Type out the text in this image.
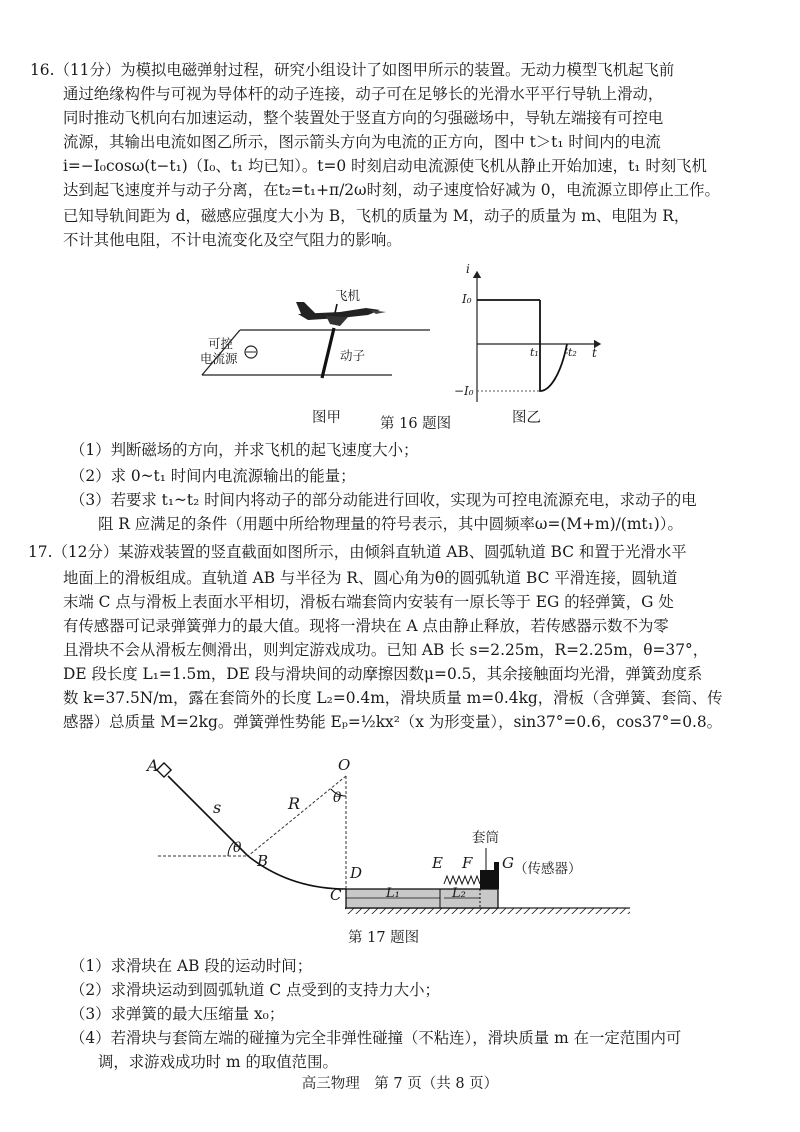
16.（11分）为模拟电磁弹射过程，研究小组设计了如图甲所示的装置。无动力模型飞机起飞前
通过绝缘构件与可视为导体杆的动子连接，动子可在足够长的光滑水平平行导轨上滑动，
同时推动飞机向右加速运动，整个装置处于竖直方向的匀强磁场中，导轨左端接有可控电
流源，其输出电流如图乙所示，图示箭头方向为电流的正方向，图中 t＞t₁ 时间内的电流
i=−I₀cosω(t−t₁)（I₀、t₁ 均已知）。t=0 时刻启动电流源使飞机从静止开始加速，t₁ 时刻飞机
达到起飞速度并与动子分离，在t₂=t₁+π/2ω时刻，动子速度恰好减为 0，电流源立即停止工作。
已知导轨间距为 d，磁感应强度大小为 B，飞机的质量为 M，动子的质量为 m、电阻为 R，
不计其他电阻，不计电流变化及空气阻力的影响。
飞机
可控
电流源	动子
图甲	第 16 题图
i
t
I₀
−I₀
t₁	t₂
图乙
（1）判断磁场的方向，并求飞机的起飞速度大小；
（2）求 0~t₁ 时间内电流源输出的能量；
（3）若要求 t₁~t₂ 时间内将动子的部分动能进行回收，实现为可控电流源充电，求动子的电
阻 R 应满足的条件（用题中所给物理量的符号表示，其中圆频率ω=(M+m)/(mt₁)）。
17.（12分）某游戏装置的竖直截面如图所示，由倾斜直轨道 AB、圆弧轨道 BC 和置于光滑水平
地面上的滑板组成。直轨道 AB 与半径为 R、圆心角为θ的圆弧轨道 BC 平滑连接，圆轨道
末端 C 点与滑板上表面水平相切，滑板右端套筒内安装有一原长等于 EG 的轻弹簧，G 处
有传感器可记录弹簧弹力的最大值。现将一滑块在 A 点由静止释放，若传感器示数不为零
且滑块不会从滑板左侧滑出，则判定游戏成功。已知 AB 长 s=2.25m，R=2.25m，θ=37°，
DE 段长度 L₁=1.5m，DE 段与滑块间的动摩擦因数μ=0.5，其余接触面均光滑，弹簧劲度系
数 k=37.5N/m，露在套筒外的长度 L₂=0.4m，滑块质量 m=0.4kg，滑板（含弹簧、套筒、传
感器）总质量 M=2kg。弹簧弹性势能 Eₚ=½kx²（x 为形变量），sin37°=0.6，cos37°=0.8。
A
B
C
D
E F G
O
θ
θ
s	R
L₁	L₂
套筒
（传感器）
第 17 题图
（1）求滑块在 AB 段的运动时间；
（2）求滑块运动到圆弧轨道 C 点受到的支持力大小；
（3）求弹簧的最大压缩量 x₀；
（4）若滑块与套筒左端的碰撞为完全非弹性碰撞（不粘连），滑块质量 m 在一定范围内可
调，求游戏成功时 m 的取值范围。
高三物理　第 7 页（共 8 页）
